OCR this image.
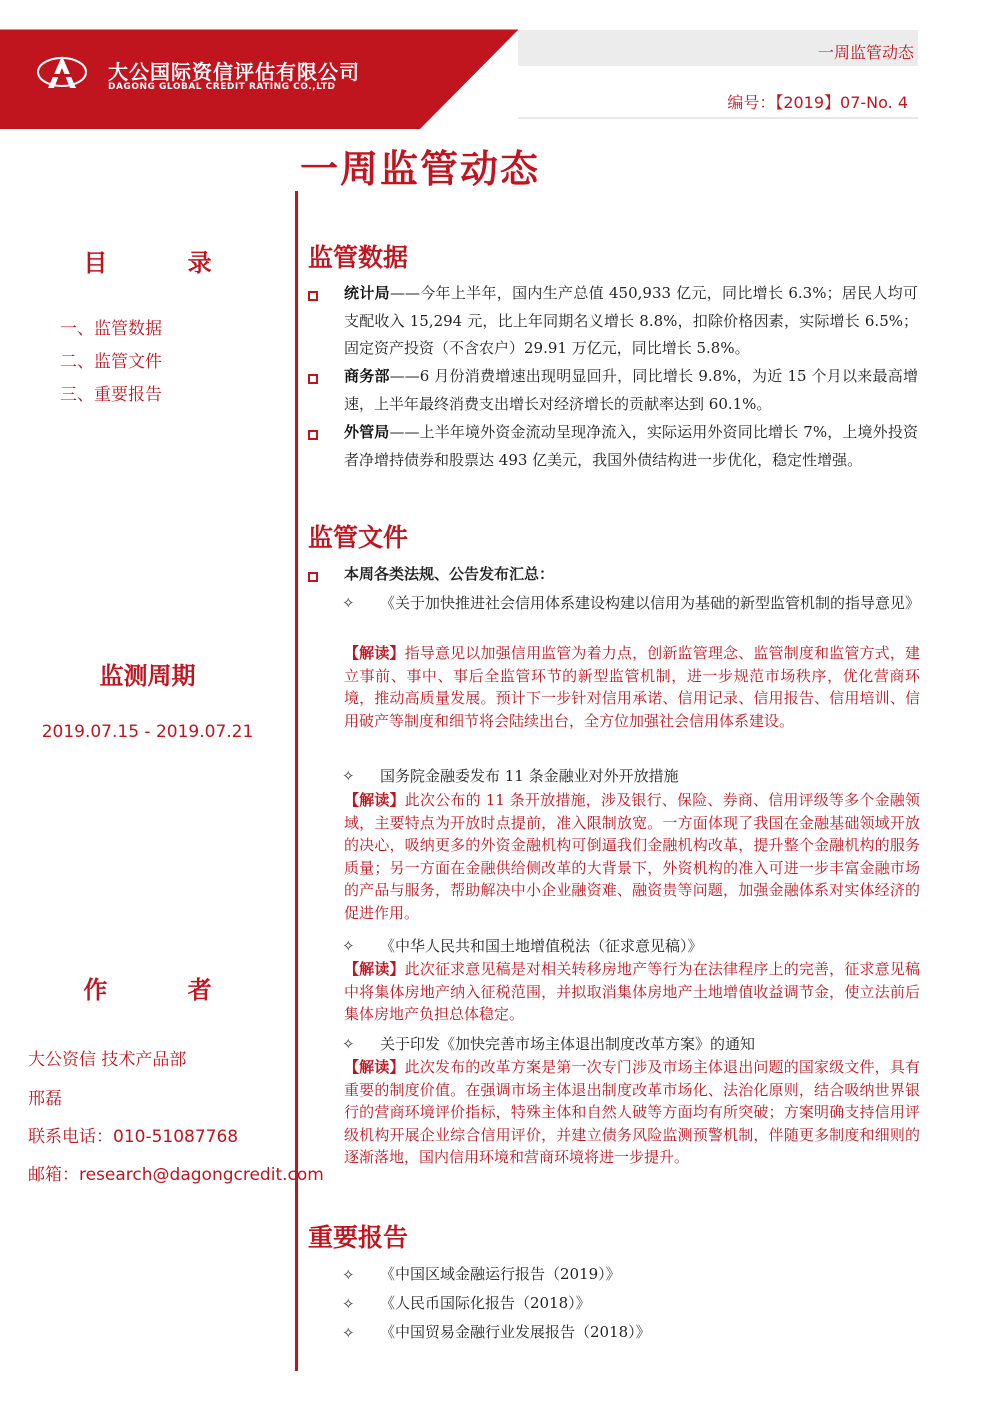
大公国际资信评估有限公司
DAGONG GLOBAL CREDIT RATING CO.,LTD
一周监管动态
编号：【2019】07-No. 4
一周监管动态
目 录
一、监管数据
二、监管文件
三、重要报告
监测周期
2019.07.15 - 2019.07.21
作 者
大公资信 技术产品部
邢磊
联系电话：010-51087768
邮箱：research@dagongcredit.com
监管数据
统计局——今年上半年，国内生产总值 450,933 亿元，同比增长 6.3%；居民人均可支配收入 15,294 元，比上年同期名义增长 8.8%，扣除价格因素，实际增长 6.5%；固定资产投资（不含农户）29.91 万亿元，同比增长 5.8%。
商务部——6 月份消费增速出现明显回升，同比增长 9.8%，为近 15 个月以来最高增速，上半年最终消费支出增长对经济增长的贡献率达到 60.1%。
外管局——上半年境外资金流动呈现净流入，实际运用外资同比增长 7%，上境外投资者净增持债券和股票达 493 亿美元，我国外债结构进一步优化，稳定性增强。
监管文件
本周各类法规、公告发布汇总：
✧ 《关于加快推进社会信用体系建设构建以信用为基础的新型监管机制的指导意见》
【解读】指导意见以加强信用监管为着力点，创新监管理念、监管制度和监管方式，建立事前、事中、事后全监管环节的新型监管机制，进一步规范市场秩序，优化营商环境，推动高质量发展。预计下一步针对信用承诺、信用记录、信用报告、信用培训、信用破产等制度和细节将会陆续出台，全方位加强社会信用体系建设。
✧ 国务院金融委发布 11 条金融业对外开放措施
【解读】此次公布的 11 条开放措施，涉及银行、保险、券商、信用评级等多个金融领域，主要特点为开放时点提前，准入限制放宽。一方面体现了我国在金融基础领域开放的决心，吸纳更多的外资金融机构可倒逼我们金融机构改革，提升整个金融机构的服务质量；另一方面在金融供给侧改革的大背景下，外资机构的准入可进一步丰富金融市场的产品与服务，帮助解决中小企业融资难、融资贵等问题，加强金融体系对实体经济的促进作用。
✧ 《中华人民共和国土地增值税法（征求意见稿）》
【解读】此次征求意见稿是对相关转移房地产等行为在法律程序上的完善，征求意见稿中将集体房地产纳入征税范围，并拟取消集体房地产土地增值收益调节金，使立法前后集体房地产负担总体稳定。
✧ 关于印发《加快完善市场主体退出制度改革方案》的通知
【解读】此次发布的改革方案是第一次专门涉及市场主体退出问题的国家级文件，具有重要的制度价值。在强调市场主体退出制度改革市场化、法治化原则，结合吸纳世界银行的营商环境评价指标，特殊主体和自然人破等方面均有所突破；方案明确支持信用评级机构开展企业综合信用评价，并建立债务风险监测预警机制，伴随更多制度和细则的逐渐落地，国内信用环境和营商环境将进一步提升。
重要报告
✧ 《中国区域金融运行报告（2019）》
✧ 《人民币国际化报告（2018）》
✧ 《中国贸易金融行业发展报告（2018）》
